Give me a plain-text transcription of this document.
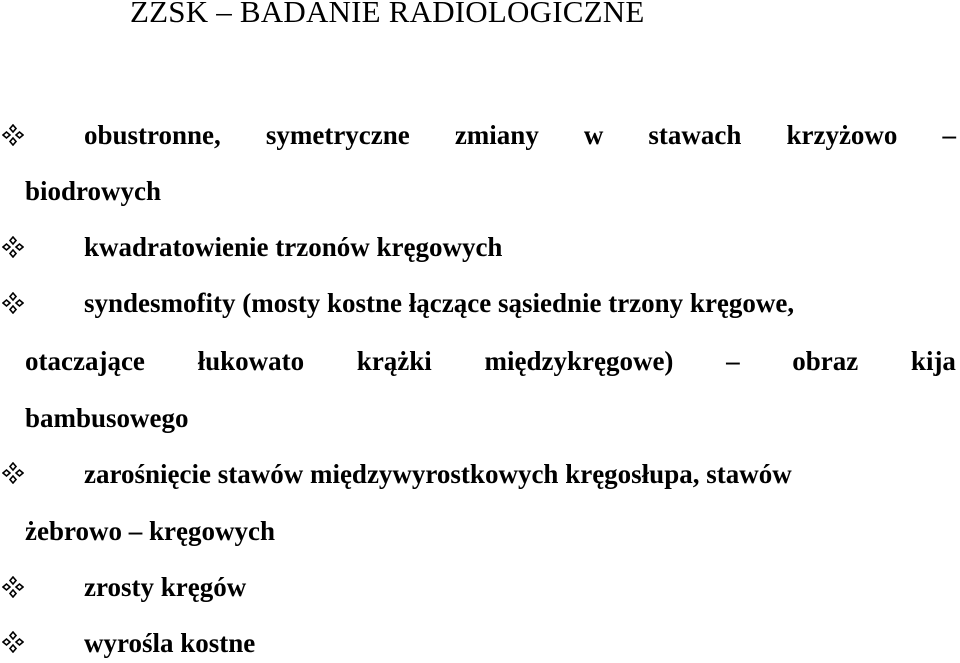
ZZSK – BADANIE RADIOLOGICZNE
obustronne, symetryczne zmiany w stawach krzyżowo –
biodrowych
kwadratowienie trzonów kręgowych
syndesmofity (mosty kostne łączące sąsiednie trzony kręgowe,
otaczające łukowato krążki międzykręgowe) – obraz kija
bambusowego
zarośnięcie stawów międzywyrostkowych kręgosłupa, stawów
żebrowo – kręgowych
zrosty kręgów
wyrośla kostne
